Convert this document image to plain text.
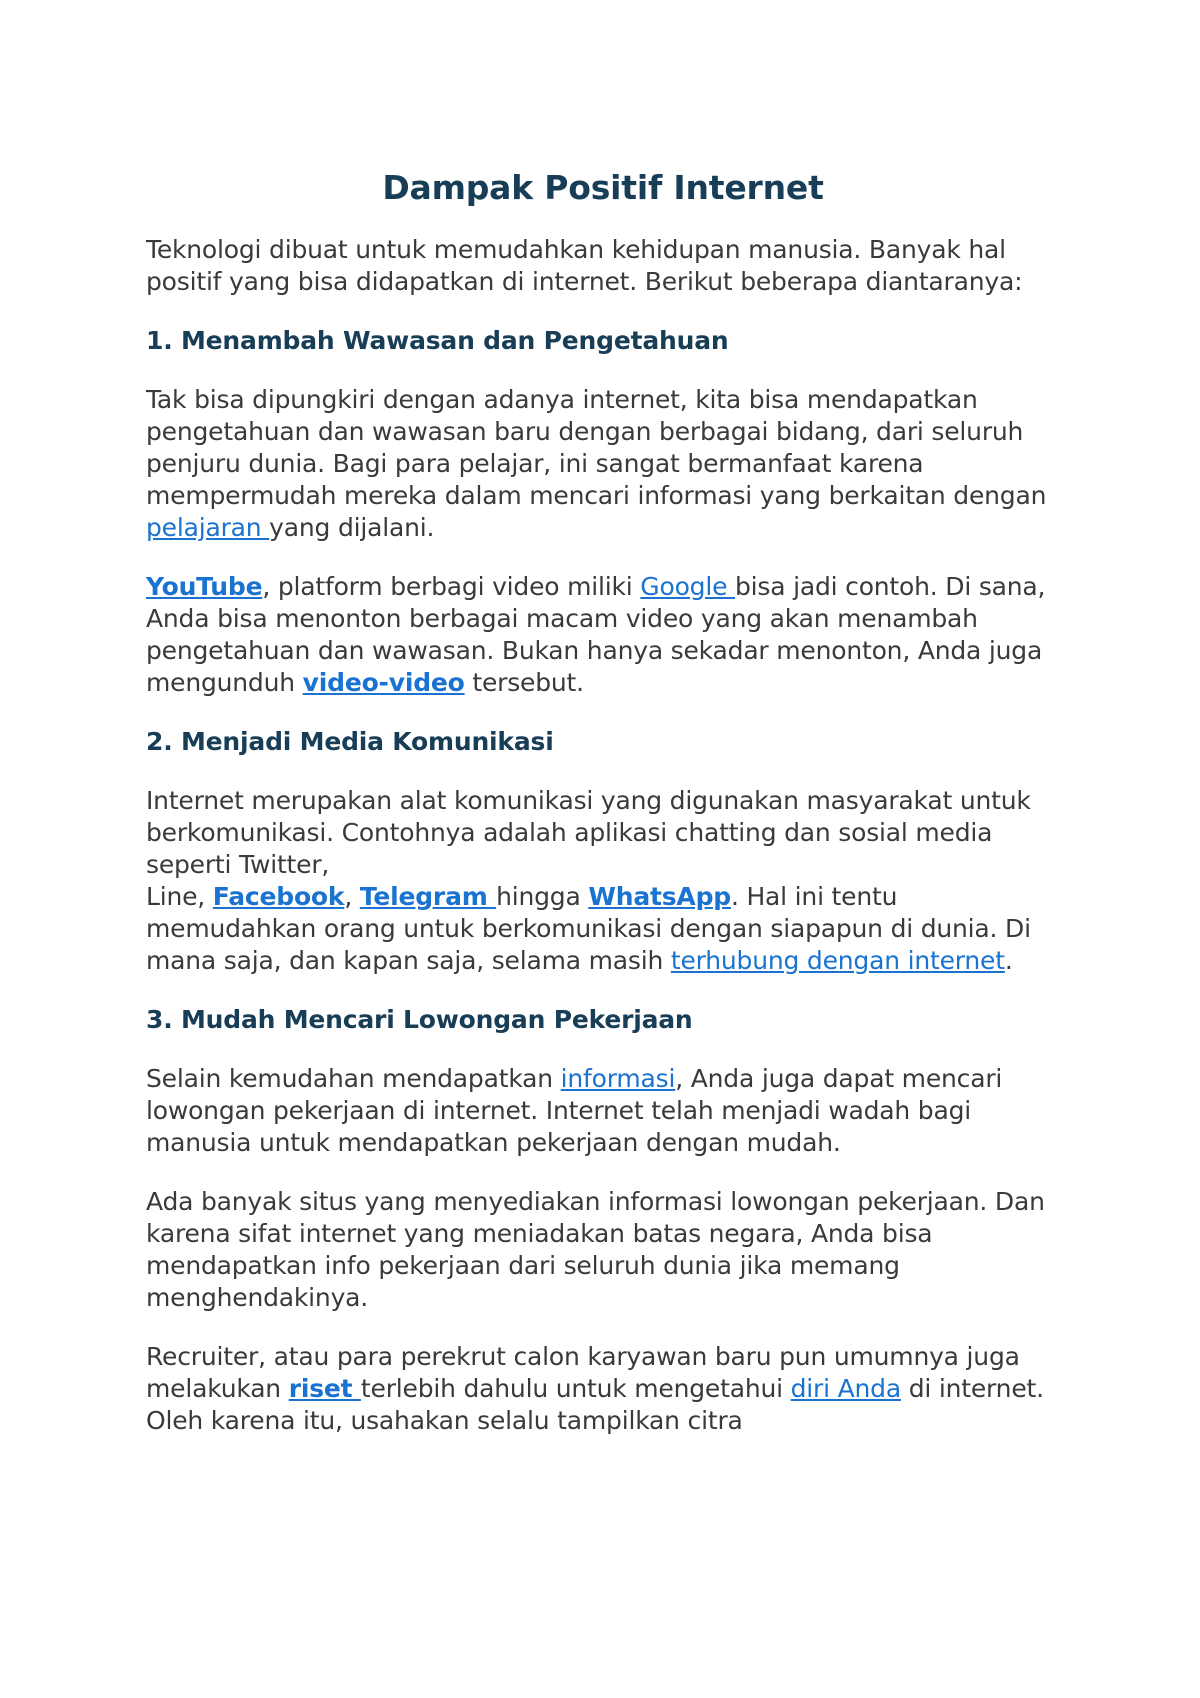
Dampak Positif Internet

Teknologi dibuat untuk memudahkan kehidupan manusia. Banyak hal positif yang bisa didapatkan di internet. Berikut beberapa diantaranya:

1. Menambah Wawasan dan Pengetahuan

Tak bisa dipungkiri dengan adanya internet, kita bisa mendapatkan pengetahuan dan wawasan baru dengan berbagai bidang, dari seluruh penjuru dunia. Bagi para pelajar, ini sangat bermanfaat karena mempermudah mereka dalam mencari informasi yang berkaitan dengan pelajaran yang dijalani.

YouTube, platform berbagi video miliki Google bisa jadi contoh. Di sana, Anda bisa menonton berbagai macam video yang akan menambah pengetahuan dan wawasan. Bukan hanya sekadar menonton, Anda juga mengunduh video-video tersebut.

2. Menjadi Media Komunikasi

Internet merupakan alat komunikasi yang digunakan masyarakat untuk berkomunikasi. Contohnya adalah aplikasi chatting dan sosial media seperti Twitter,
Line, Facebook, Telegram hingga WhatsApp. Hal ini tentu memudahkan orang untuk berkomunikasi dengan siapapun di dunia. Di mana saja, dan kapan saja, selama masih terhubung dengan internet.

3. Mudah Mencari Lowongan Pekerjaan

Selain kemudahan mendapatkan informasi, Anda juga dapat mencari lowongan pekerjaan di internet. Internet telah menjadi wadah bagi manusia untuk mendapatkan pekerjaan dengan mudah.

Ada banyak situs yang menyediakan informasi lowongan pekerjaan. Dan karena sifat internet yang meniadakan batas negara, Anda bisa mendapatkan info pekerjaan dari seluruh dunia jika memang menghendakinya.

Recruiter, atau para perekrut calon karyawan baru pun umumnya juga melakukan riset terlebih dahulu untuk mengetahui diri Anda di internet. Oleh karena itu, usahakan selalu tampilkan citra
